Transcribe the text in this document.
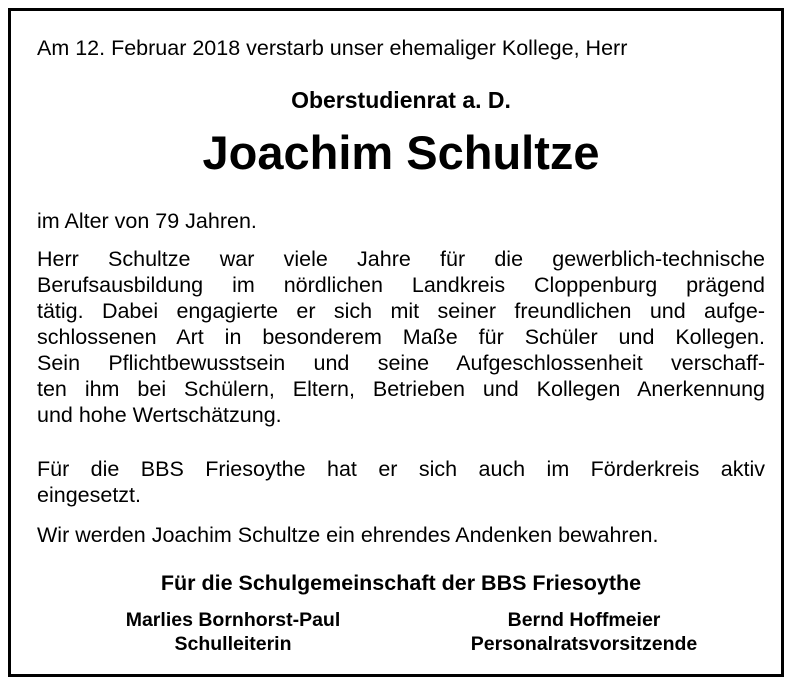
Am 12. Februar 2018 verstarb unser ehemaliger Kollege, Herr
Oberstudienrat a. D.
Joachim Schultze
im Alter von 79 Jahren.
Herr Schultze war viele Jahre für die gewerblich-technische
Berufsausbildung im nördlichen Landkreis Cloppenburg prägend
tätig. Dabei engagierte er sich mit seiner freundlichen und aufge-
schlossenen Art in besonderem Maße für Schüler und Kollegen.
Sein Pflichtbewusstsein und seine Aufgeschlossenheit verschaff-
ten ihm bei Schülern, Eltern, Betrieben und Kollegen Anerkennung
und hohe Wertschätzung.
Für die BBS Friesoythe hat er sich auch im Förderkreis aktiv
eingesetzt.
Wir werden Joachim Schultze ein ehrendes Andenken bewahren.
Für die Schulgemeinschaft der BBS Friesoythe
Marlies Bornhorst-Paul
Schulleiterin
Bernd Hoffmeier
Personalratsvorsitzende
